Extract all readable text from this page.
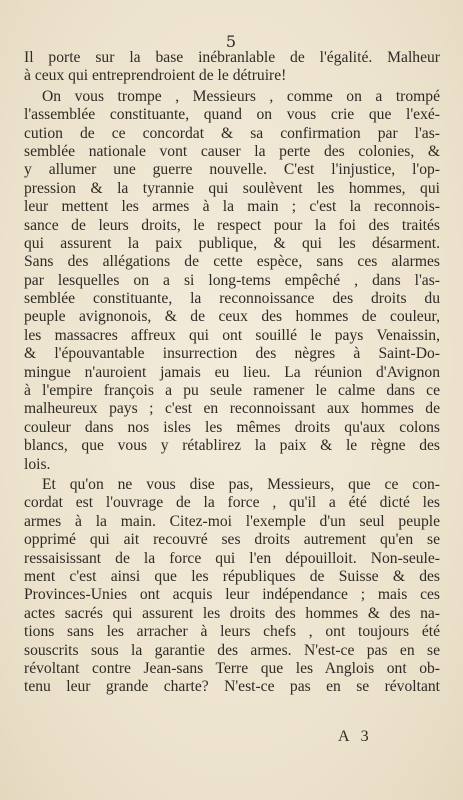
5
Il porte sur la base inébranlable de l'égalité. Malheur
à ceux qui entreprendroient de le détruire!
On vous trompe , Messieurs , comme on a trompé
l'assemblée constituante, quand on vous crie que l'exé-
cution de ce concordat & sa confirmation par l'as-
semblée nationale vont causer la perte des colonies, &
y allumer une guerre nouvelle. C'est l'injustice, l'op-
pression & la tyrannie qui soulèvent les hommes, qui
leur mettent les armes à la main ; c'est la reconnois-
sance de leurs droits, le respect pour la foi des traités
qui assurent la paix publique, & qui les désarment.
Sans des allégations de cette espèce, sans ces alarmes
par lesquelles on a si long-tems empêché , dans l'as-
semblée constituante, la reconnoissance des droits du
peuple avignonois, & de ceux des hommes de couleur,
les massacres affreux qui ont souillé le pays Venaissin,
& l'épouvantable insurrection des nègres à Saint-Do-
mingue n'auroient jamais eu lieu. La réunion d'Avignon
à l'empire françois a pu seule ramener le calme dans ce
malheureux pays ; c'est en reconnoissant aux hommes de
couleur dans nos isles les mêmes droits qu'aux colons
blancs, que vous y rétablirez la paix & le règne des
lois.
Et qu'on ne vous dise pas, Messieurs, que ce con-
cordat est l'ouvrage de la force , qu'il a été dicté les
armes à la main. Citez-moi l'exemple d'un seul peuple
opprimé qui ait recouvré ses droits autrement qu'en se
ressaisissant de la force qui l'en dépouilloit. Non-seule-
ment c'est ainsi que les républiques de Suisse & des
Provinces-Unies ont acquis leur indépendance ; mais ces
actes sacrés qui assurent les droits des hommes & des na-
tions sans les arracher à leurs chefs , ont toujours été
souscrits sous la garantie des armes. N'est-ce pas en se
révoltant contre Jean-sans Terre que les Anglois ont ob-
tenu leur grande charte? N'est-ce pas en se révoltant
A 3
